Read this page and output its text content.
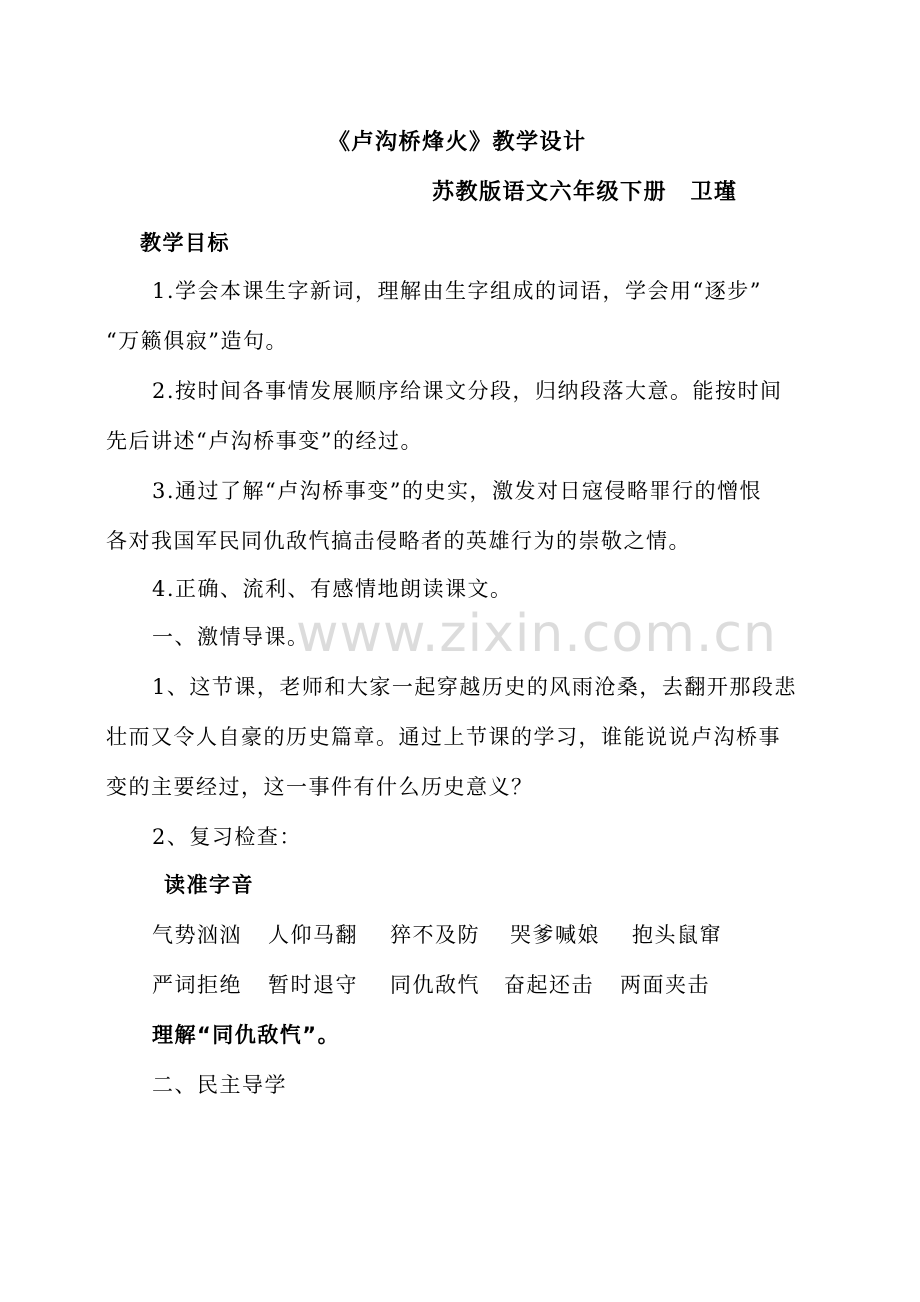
www.zixin.com.cn
《卢沟桥烽火》教学设计
苏教版语文六年级下册　卫瑾
教学目标
1.学会本课生字新词，理解由生字组成的词语，学会用“逐步”
“万籁俱寂”造句。
2.按时间各事情发展顺序给课文分段，归纳段落大意。能按时间
先后讲述“卢沟桥事变”的经过。
3.通过了解“卢沟桥事变”的史实，激发对日寇侵略罪行的憎恨
各对我国军民同仇敌忾搞击侵略者的英雄行为的崇敬之情。
4.正确、流利、有感情地朗读课文。
一、激情导课。
1、这节课，老师和大家一起穿越历史的风雨沧桑，去翻开那段悲
壮而又令人自豪的历史篇章。通过上节课的学习，谁能说说卢沟桥事
变的主要经过，这一事件有什么历史意义？
2、复习检查：
读准字音
气势汹汹 人仰马翻 猝不及防 哭爹喊娘 抱头鼠窜
严词拒绝 暂时退守 同仇敌忾 奋起还击 两面夹击
理解“同仇敌忾”。
二、民主导学
